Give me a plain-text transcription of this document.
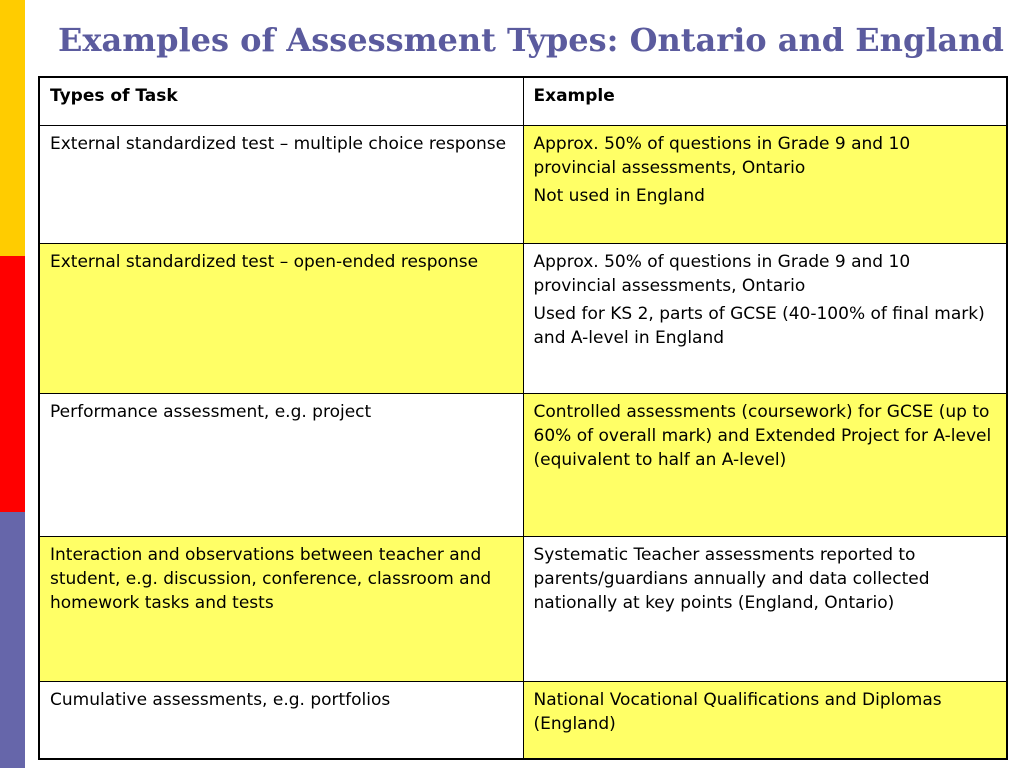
Examples of Assessment Types: Ontario and England
Types of Task	Example
External standardized test – multiple choice response	Approx. 50% of questions in Grade 9 and 10 provincial assessments, Ontario
Not used in England

External standardized test – open-ended response	Approx. 50% of questions in Grade 9 and 10 provincial assessments, Ontario
Used for KS 2, parts of GCSE (40-100% of final mark) and A-level in England

Performance assessment, e.g. project	Controlled assessments (coursework) for GCSE (up to 60% of overall mark) and Extended Project for A-level (equivalent to half an A-level)

Interaction and observations between teacher and student, e.g. discussion, conference, classroom and homework tasks and tests	Systematic Teacher assessments reported to parents/guardians annually and data collected nationally at key points (England, Ontario)

Cumulative assessments, e.g. portfolios	National Vocational Qualifications and Diplomas (England)
